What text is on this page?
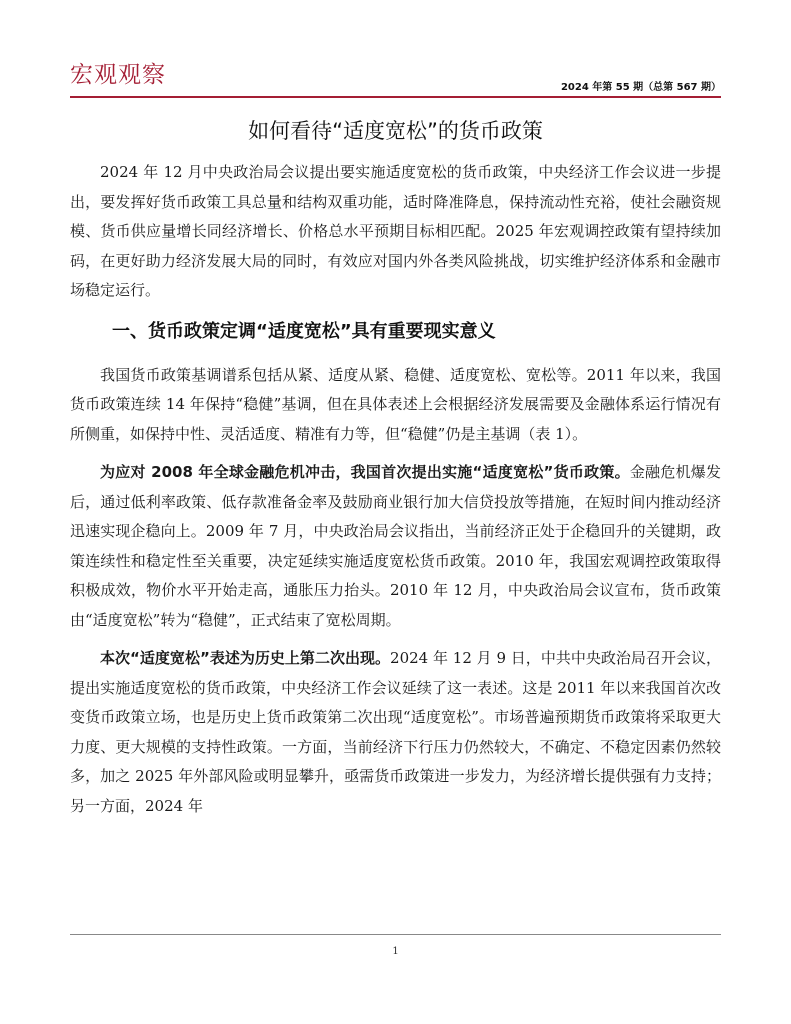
宏观观察	2024 年第 55 期（总第 567 期）
如何看待“适度宽松”的货币政策

2024 年 12 月中央政治局会议提出要实施适度宽松的货币政策，中央经济工作会议进一步提出，要发挥好货币政策工具总量和结构双重功能，适时降准降息，保持流动性充裕，使社会融资规模、货币供应量增长同经济增长、价格总水平预期目标相匹配。2025 年宏观调控政策有望持续加码，在更好助力经济发展大局的同时，有效应对国内外各类风险挑战，切实维护经济体系和金融市场稳定运行。

一、货币政策定调“适度宽松”具有重要现实意义

我国货币政策基调谱系包括从紧、适度从紧、稳健、适度宽松、宽松等。2011 年以来，我国货币政策连续 14 年保持“稳健”基调，但在具体表述上会根据经济发展需要及金融体系运行情况有所侧重，如保持中性、灵活适度、精准有力等，但“稳健”仍是主基调（表 1）。

为应对 2008 年全球金融危机冲击，我国首次提出实施“适度宽松”货币政策。金融危机爆发后，通过低利率政策、低存款准备金率及鼓励商业银行加大信贷投放等措施，在短时间内推动经济迅速实现企稳向上。2009 年 7 月，中央政治局会议指出，当前经济正处于企稳回升的关键期，政策连续性和稳定性至关重要，决定延续实施适度宽松货币政策。2010 年，我国宏观调控政策取得积极成效，物价水平开始走高，通胀压力抬头。2010 年 12 月，中央政治局会议宣布，货币政策由“适度宽松”转为“稳健”，正式结束了宽松周期。

本次“适度宽松”表述为历史上第二次出现。2024 年 12 月 9 日，中共中央政治局召开会议，提出实施适度宽松的货币政策，中央经济工作会议延续了这一表述。这是 2011 年以来我国首次改变货币政策立场，也是历史上货币政策第二次出现“适度宽松”。市场普遍预期货币政策将采取更大力度、更大规模的支持性政策。一方面，当前经济下行压力仍然较大，不确定、不稳定因素仍然较多，加之 2025 年外部风险或明显攀升，亟需货币政策进一步发力，为经济增长提供强有力支持；另一方面，2024 年

1
